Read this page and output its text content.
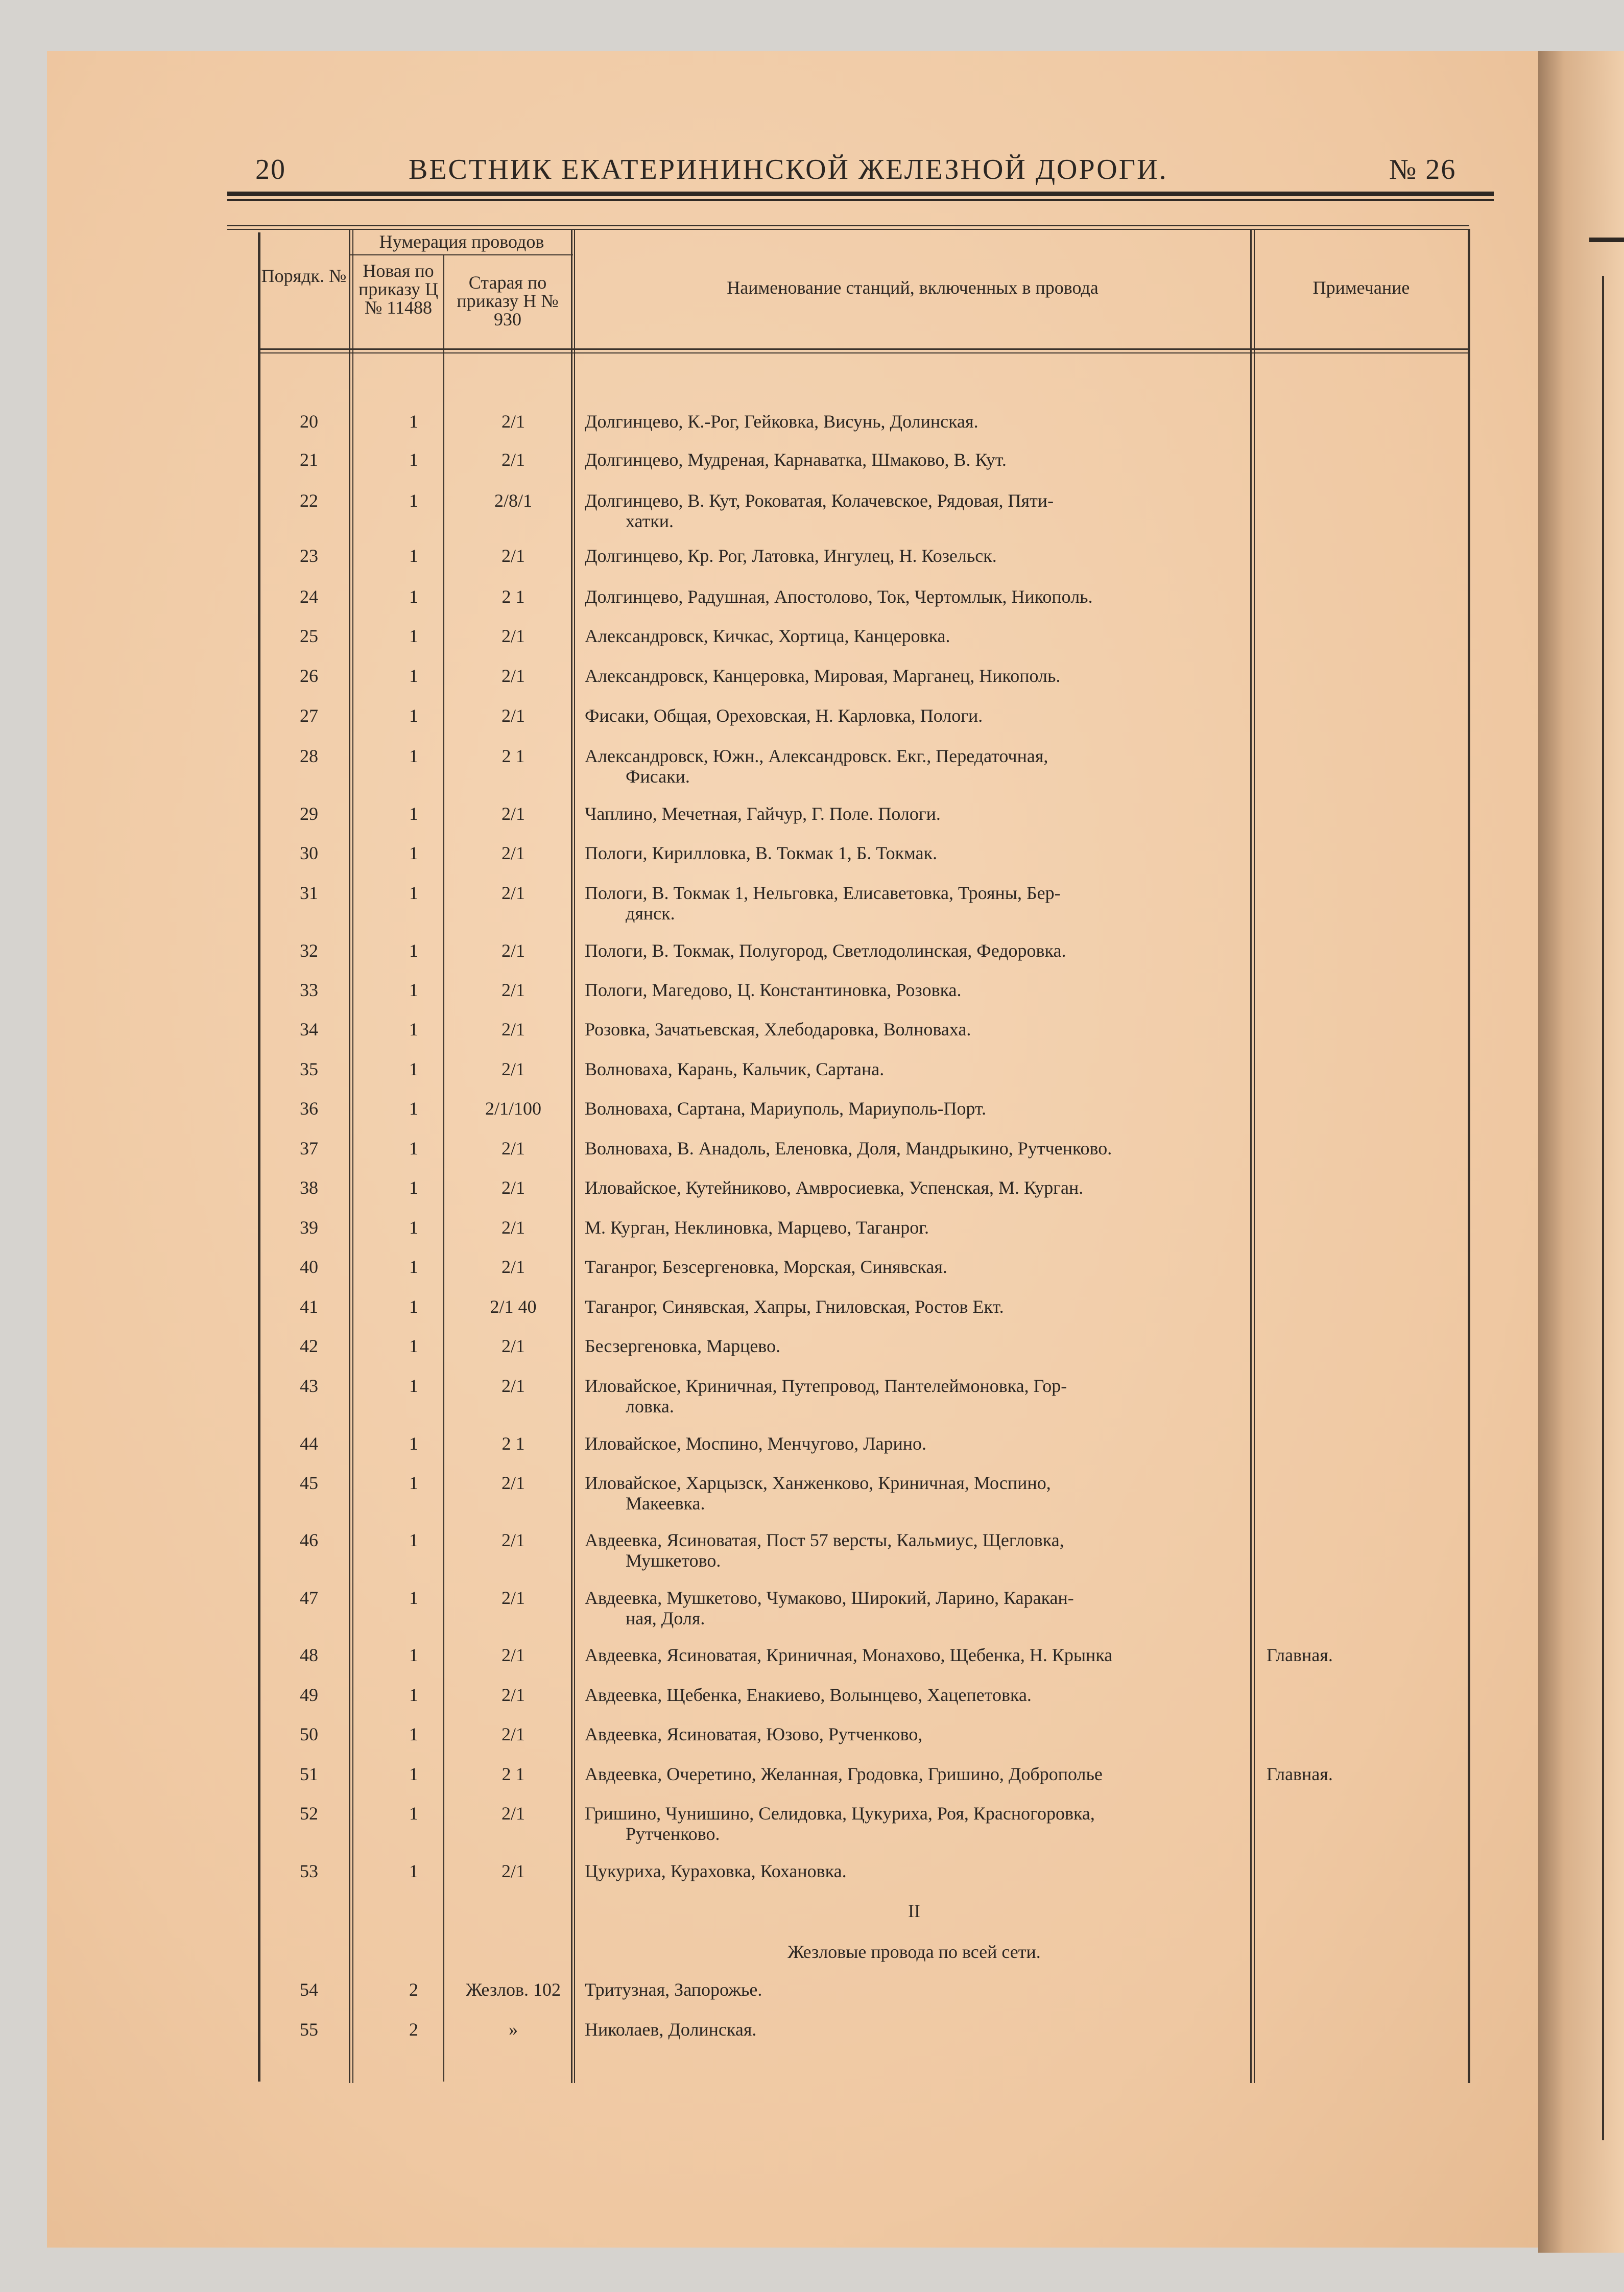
20	ВЕСТНИК ЕКАТЕРИНИНСКОЙ ЖЕЛЕЗНОЙ ДОРОГИ.	№ 26
Порядк. №
Нумерация проводов
Новая по приказу Ц № 11488
Старая по приказу Н № 930
Наименование станций, включенных в провода	Примечание
20	1	2/1	Долгинцево, К.-Рог, Гейковка, Висунь, Долинская.
21	1	2/1	Долгинцево, Мудреная, Карнаватка, Шмаково, В. Кут.
22	1	2/8/1	Долгинцево, В. Кут, Роковатая, Колачевское, Рядовая, Пяти-
хатки.
23	1	2/1	Долгинцево, Кр. Рог, Латовка, Ингулец, Н. Козельск.
24	1	2 1	Долгинцево, Радушная, Апостолово, Ток, Чертомлык, Никополь.
25	1	2/1	Александровск, Кичкас, Хортица, Канцеровка.
26	1	2/1	Александровск, Канцеровка, Мировая, Марганец, Никополь.
27	1	2/1	Фисаки, Общая, Ореховская, Н. Карловка, Пологи.
28	1	2 1	Александровск, Южн., Александровск. Екг., Передаточная,
Фисаки.
29	1	2/1	Чаплино, Мечетная, Гайчур, Г. Поле. Пологи.
30	1	2/1	Пологи, Кирилловка, В. Токмак 1, Б. Токмак.
31	1	2/1	Пологи, В. Токмак 1, Нельговка, Елисаветовка, Трояны, Бер-
дянск.
32	1	2/1	Пологи, В. Токмак, Полугород, Светлодолинская, Федоровка.
33	1	2/1	Пологи, Магедово, Ц. Константиновка, Розовка.
34	1	2/1	Розовка, Зачатьевская, Хлебодаровка, Волноваха.
35	1	2/1	Волноваха, Карань, Кальчик, Сартана.
36	1	2/1/100	Волноваха, Сартана, Мариуполь, Мариуполь-Порт.
37	1	2/1	Волноваха, В. Анадоль, Еленовка, Доля, Мандрыкино, Рутченково.
38	1	2/1	Иловайское, Кутейниково, Амвросиевка, Успенская, М. Курган.
39	1	2/1	М. Курган, Неклиновка, Марцево, Таганрог.
40	1	2/1	Таганрог, Безсергеновка, Морская, Синявская.
41	1	2/1 40	Таганрог, Синявская, Хапры, Гниловская, Ростов Ект.
42	1	2/1	Бесзергеновка, Марцево.
43	1	2/1	Иловайское, Криничная, Путепровод, Пантелеймоновка, Гор-
ловка.
44	1	2 1	Иловайское, Моспино, Менчугово, Ларино.
45	1	2/1	Иловайское, Харцызск, Ханженково, Криничная, Моспино,
Макеевка.
46	1	2/1	Авдеевка, Ясиноватая, Пост 57 версты, Кальмиус, Щегловка,
Мушкетово.
47	1	2/1	Авдеевка, Мушкетово, Чумаково, Широкий, Ларино, Каракан-
ная, Доля.
48	1	2/1	Авдеевка, Ясиноватая, Криничная, Монахово, Щебенка, Н. Крынка	Главная.
49	1	2/1	Авдеевка, Щебенка, Енакиево, Волынцево, Хацепетовка.
50	1	2/1	Авдеевка, Ясиноватая, Юзово, Рутченково,
51	1	2 1	Авдеевка, Очеретино, Желанная, Гродовка, Гришино, Доброполье	Главная.
52	1	2/1	Гришино, Чунишино, Селидовка, Цукуриха, Роя, Красногоровка,
Рутченково.
53	1	2/1	Цукуриха, Кураховка, Кохановка.
II
Жезловые провода по всей сети.
54	2	Жезлов. 102	Тритузная, Запорожье.
55	2	»	Николаев, Долинская.
